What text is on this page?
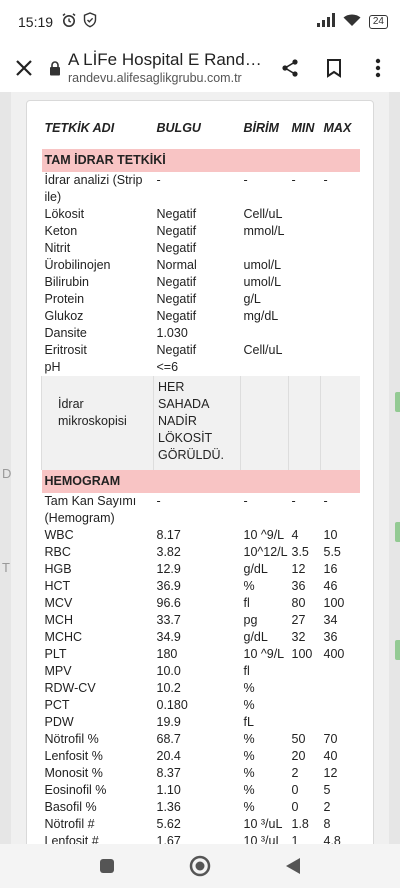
15:19	24
A LİFe Hospital E Rand…
randevu.alifesaglikgrubu.com.tr
D
T
TETKİK ADI	BULGU	BİRİM	MIN	MAX
TAM İDRAR TETKİKİ				
İdrar analizi (Strip ile)	-	-	-	-
Lökosit	Negatif	Cell/uL		
Keton	Negatif	mmol/L		
Nitrit	Negatif			
Ürobilinojen	Normal	umol/L		
Bilirubin	Negatif	umol/L		
Protein	Negatif	g/L		
Glukoz	Negatif	mg/dL		
Dansite	1.030			
Eritrosit	Negatif	Cell/uL		
pH	<=6			
İdrar mikroskopisi	HER SAHADA NADİR LÖKOSİT GÖRÜLDÜ.			
HEMOGRAM				
Tam Kan Sayımı (Hemogram)	-	-	-	-
WBC	8.17	10 ^9/L	4	10
RBC	3.82	10^12/L	3.5	5.5
HGB	12.9	g/dL	12	16
HCT	36.9	%	36	46
MCV	96.6	fl	80	100
MCH	33.7	pg	27	34
MCHC	34.9	g/dL	32	36
PLT	180	10 ^9/L	100	400
MPV	10.0	fl		
RDW-CV	10.2	%		
PCT	0.180	%		
PDW	19.9	fL		
Nötrofil %	68.7	%	50	70
Lenfosit %	20.4	%	20	40
Monosit %	8.37	%	2	12
Eosinofil %	1.10	%	0	5
Basofil %	1.36	%	0	2
Nötrofil #	5.62	10 ³/uL	1.8	8
Lenfosit #	1.67	10 ³/uL	1	4.8
